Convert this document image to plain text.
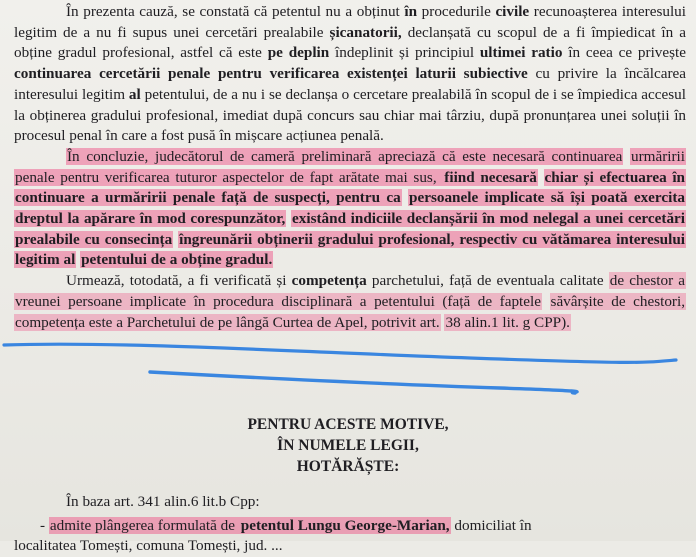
În prezenta cauză, se constată că petentul nu a obținut în procedurile civile recunoașterea interesului legitim de a nu fi supus unei cercetări prealabile șicanatorii, declanșată cu scopul de a fi împiedicat în a obține gradul profesional, astfel că este pe deplin îndeplinit și principiul ultimei ratio în ceea ce privește continuarea cercetării penale pentru verificarea existenței laturii subiective cu privire la încălcarea interesului legitim al petentului, de a nu i se declanșa o cercetare prealabilă în scopul de i se împiedica accesul la obținerea gradului profesional, imediat după concurs sau chiar mai târziu, după pronunțarea unei soluții în procesul penal în care a fost pusă în mișcare acțiunea penală.

În concluzie, judecătorul de cameră preliminară apreciază că este necesară continuarea urmăririi penale pentru verificarea tuturor aspectelor de fapt arătate mai sus, fiind necesară chiar și efectuarea în continuare a urmăririi penale față de suspecți, pentru ca persoanele implicate să își poată exercita dreptul la apărare în mod corespunzător, existând indiciile declanșării în mod nelegal a unei cercetări prealabile cu consecința îngreunării obținerii gradului profesional, respectiv cu vătămarea interesului legitim al petentului de a obține gradul.

Urmează, totodată, a fi verificată și competența parchetului, față de eventuala calitate de chestor a vreunei persoane implicate în procedura disciplinară a petentului (față de faptele săvârșite de chestori, competența este a Parchetului de pe lângă Curtea de Apel, potrivit art. 38 alin.1 lit. g CPP).

PENTRU ACESTE MOTIVE,
ÎN NUMELE LEGII,
HOTĂRĂȘTE:
În baza art. 341 alin.6 lit.b Cpp:
- admite plângerea formulată de petentul Lungu George-Marian, domiciliat în
localitatea Tomești, comuna Tomești, jud. ...
